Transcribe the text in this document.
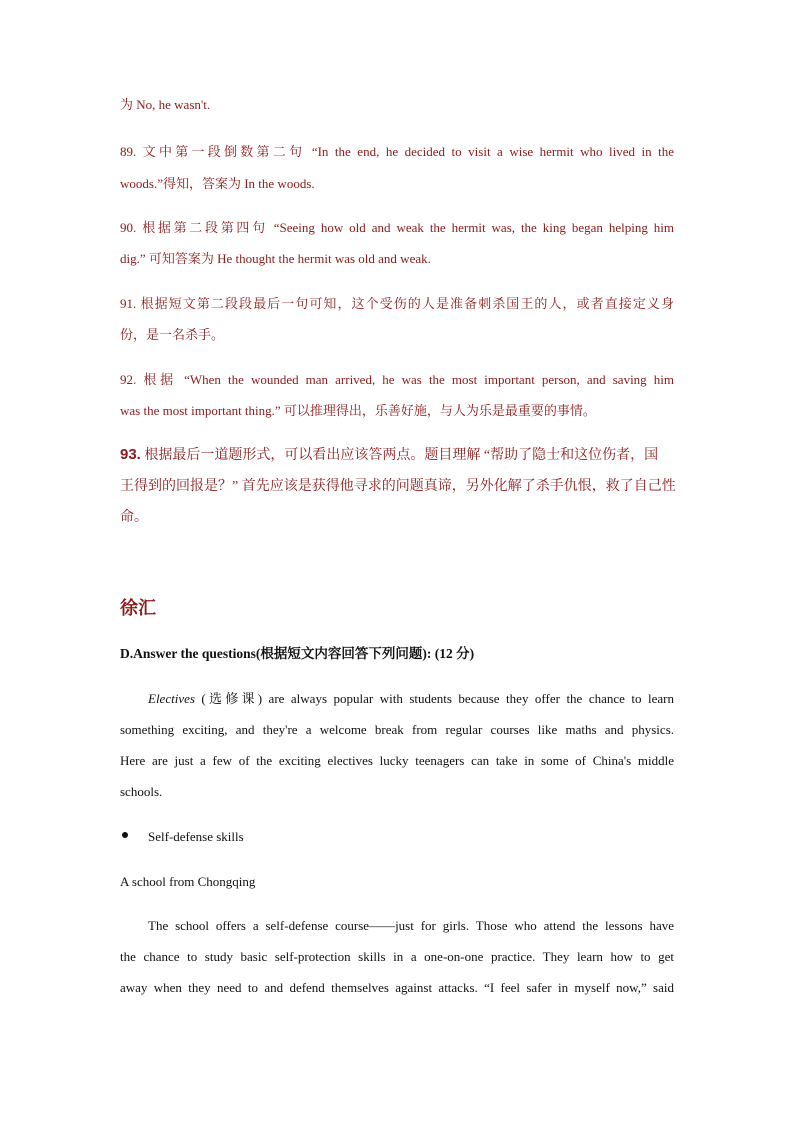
为 No, he wasn't.
89. 文中第一段倒数第二句 “In the end, he decided to visit a wise hermit who lived in the
woods.”得知，答案为 In the woods.
90. 根据第二段第四句 “Seeing how old and weak the hermit was, the king began helping him
dig.” 可知答案为 He thought the hermit was old and weak.
91. 根据短文第二段段最后一句可知，这个受伤的人是准备刺杀国王的人，或者直接定义身
份，是一名杀手。
92. 根据 “When the wounded man arrived, he was the most important person, and saving him
was the most important thing.” 可以推理得出，乐善好施，与人为乐是最重要的事情。
93. 根据最后一道题形式，可以看出应该答两点。题目理解 “帮助了隐士和这位伤者，国
王得到的回报是？” 首先应该是获得他寻求的问题真谛，另外化解了杀手仇恨，救了自己性
命。
徐汇
D.Answer the questions(根据短文内容回答下列问题): (12 分)
Electives (选修课) are always popular with students because they offer the chance to learn
something exciting, and they're a welcome break from regular courses like maths and physics.
Here are just a few of the exciting electives lucky teenagers can take in some of China's middle
schools.
Self-defense skills
A school from Chongqing
The school offers a self-defense course——just for girls. Those who attend the lessons have
the chance to study basic self-protection skills in a one-on-one practice. They learn how to get
away when they need to and defend themselves against attacks. “I feel safer in myself now,” said
